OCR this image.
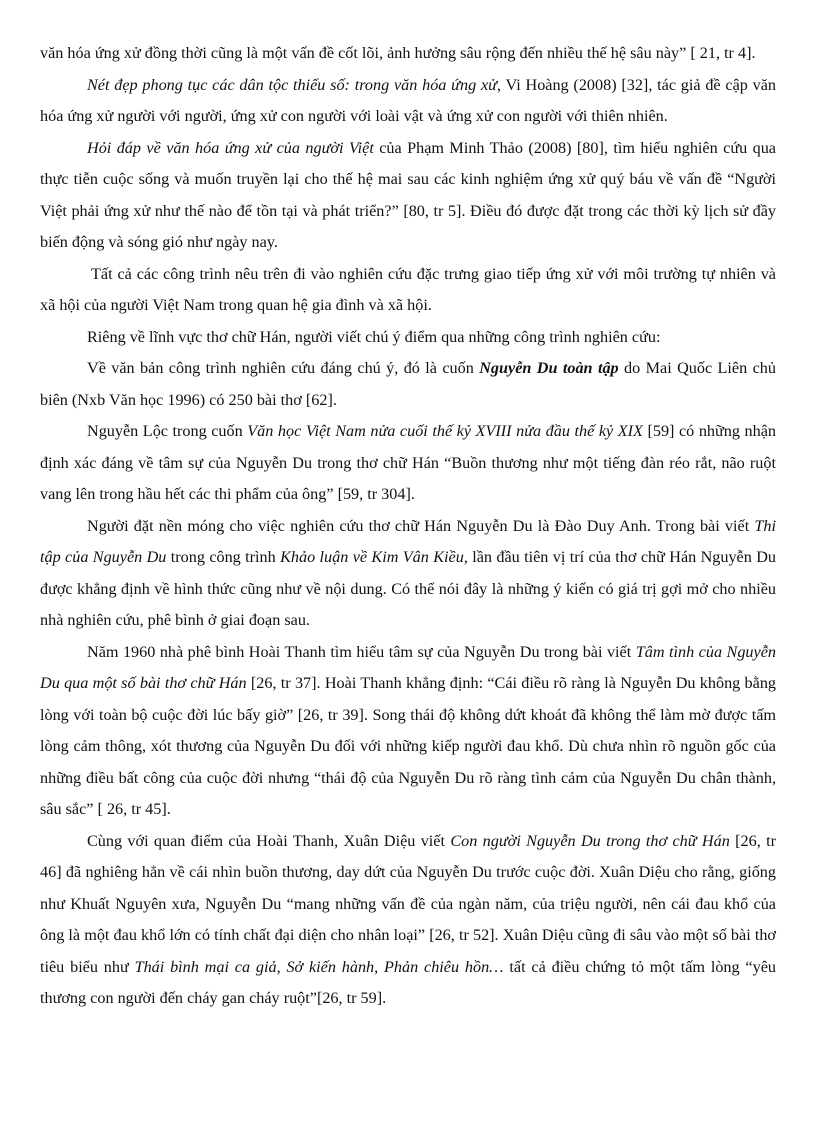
văn hóa ứng xử đồng thời cũng là một vấn đề cốt lõi, ảnh hưởng sâu rộng đến nhiều thế hệ sâu này” [ 21, tr 4].

Nét đẹp phong tục các dân tộc thiểu số: trong văn hóa ứng xử, Vi Hoàng (2008) [32], tác giả đề cập văn hóa ứng xử người với người, ứng xử con người với loài vật và ứng xử con người với thiên nhiên.

Hỏi đáp về văn hóa ứng xử của người Việt của Phạm Minh Thảo (2008) [80], tìm hiểu nghiên cứu qua thực tiễn cuộc sống và muốn truyền lại cho thế hệ mai sau các kinh nghiệm ứng xử quý báu về vấn đề “Người Việt phải ứng xử như thế nào để tồn tại và phát triển?” [80, tr 5]. Điều đó được đặt trong các thời kỳ lịch sử đầy biến động và sóng gió như ngày nay.

Tất cả các công trình nêu trên đi vào nghiên cứu đặc trưng giao tiếp ứng xử với môi trường tự nhiên và xã hội của người Việt Nam trong quan hệ gia đình và xã hội.

Riêng về lĩnh vực thơ chữ Hán, người viết chú ý điểm qua những công trình nghiên cứu:

Về văn bản công trình nghiên cứu đáng chú ý, đó là cuốn Nguyễn Du toàn tập do Mai Quốc Liên chủ biên (Nxb Văn học 1996) có 250 bài thơ [62].

Nguyễn Lộc trong cuốn Văn học Việt Nam nửa cuối thế kỷ XVIII nửa đầu thế kỷ XIX [59] có những nhận định xác đáng về tâm sự của Nguyễn Du trong thơ chữ Hán “Buồn thương như một tiếng đàn réo rắt, não ruột vang lên trong hầu hết các thi phẩm của ông” [59, tr 304].

Người đặt nền móng cho việc nghiên cứu thơ chữ Hán Nguyễn Du là Đào Duy Anh. Trong bài viết Thi tập của Nguyễn Du trong công trình Khảo luận về Kim Vân Kiều, lần đầu tiên vị trí của thơ chữ Hán Nguyễn Du được khẳng định về hình thức cũng như về nội dung. Có thể nói đây là những ý kiến có giá trị gợi mở cho nhiều nhà nghiên cứu, phê bình ở giai đoạn sau.

Năm 1960 nhà phê bình Hoài Thanh tìm hiểu tâm sự của Nguyễn Du trong bài viết Tâm tình của Nguyễn Du qua một số bài thơ chữ Hán [26, tr 37]. Hoài Thanh khẳng định: “Cái điều rõ ràng là Nguyễn Du không bằng lòng với toàn bộ cuộc đời lúc bấy giờ” [26, tr 39]. Song thái độ không dứt khoát đã không thể làm mờ được tấm lòng cảm thông, xót thương của Nguyễn Du đối với những kiếp người đau khổ. Dù chưa nhìn rõ nguồn gốc của những điều bất công của cuộc đời nhưng “thái độ của Nguyễn Du rõ ràng tình cảm của Nguyễn Du chân thành, sâu sắc” [ 26, tr 45].

Cùng với quan điểm của Hoài Thanh, Xuân Diệu viết Con người Nguyễn Du trong thơ chữ Hán [26, tr 46] đã nghiêng hẳn về cái nhìn buồn thương, day dứt của Nguyễn Du trước cuộc đời. Xuân Diệu cho rằng, giống như Khuất Nguyên xưa, Nguyễn Du “mang những vấn đề của ngàn năm, của triệu người, nên cái đau khổ của ông là một đau khổ lớn có tính chất đại diện cho nhân loại” [26, tr 52]. Xuân Diệu cũng đi sâu vào một số bài thơ tiêu biểu như Thái bình mại ca giả, Sở kiến hành, Phản chiêu hồn… tất cả điều chứng tỏ một tấm lòng “yêu thương con người đến cháy gan cháy ruột”[26, tr 59].
